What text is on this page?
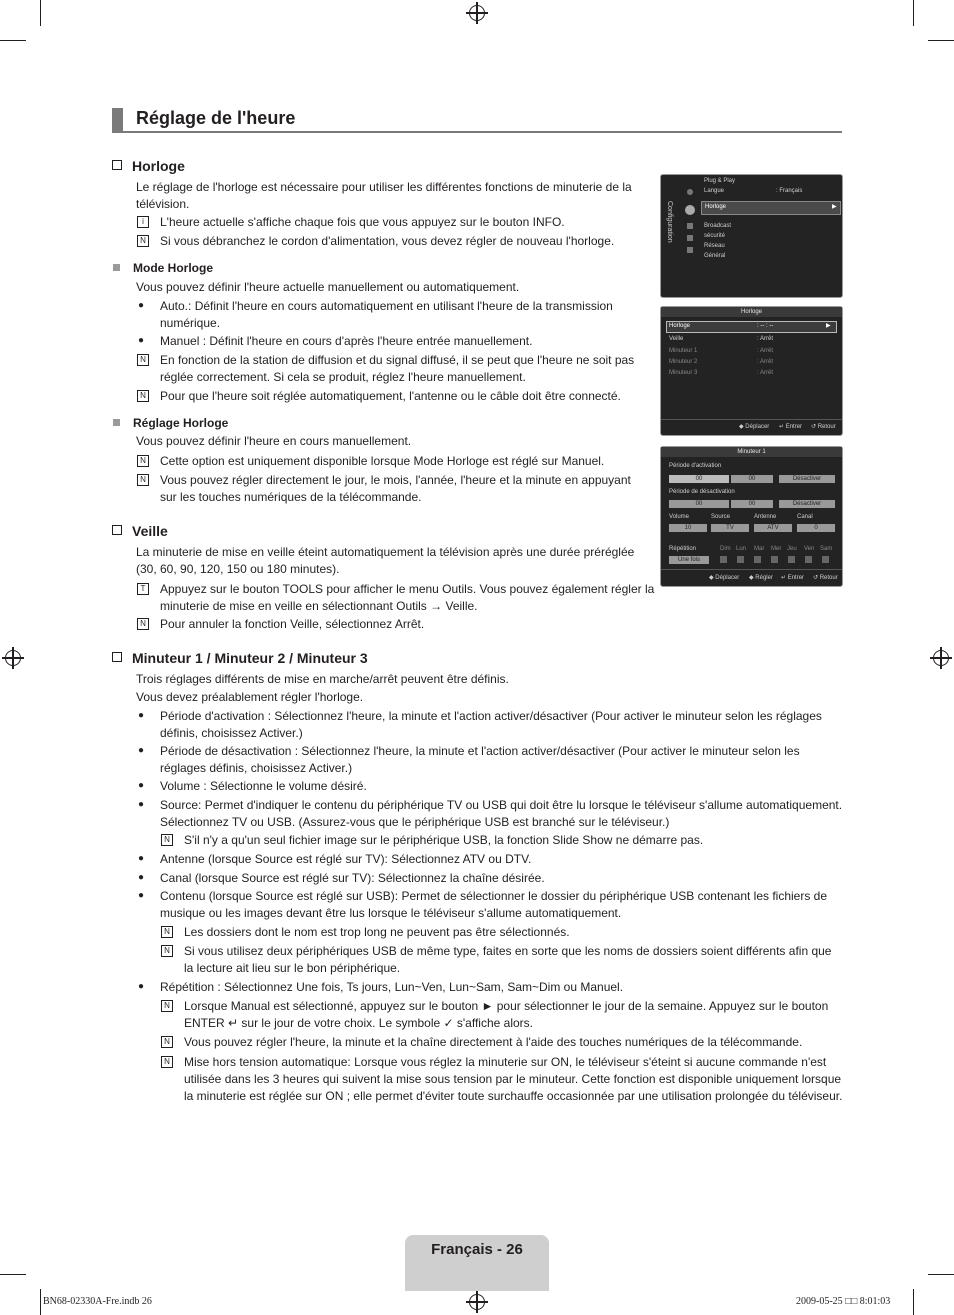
Réglage de l'heure
Horloge
Le réglage de l'horloge est nécessaire pour utiliser les différentes fonctions de minuterie de la télévision.
i	L'heure actuelle s'affiche chaque fois que vous appuyez sur le bouton INFO.
N Si vous débranchez le cordon d'alimentation, vous devez régler de nouveau l'horloge.
Mode Horloge
Vous pouvez définir l'heure actuelle manuellement ou automatiquement.
● Auto.: Définit l'heure en cours automatiquement en utilisant l'heure de la transmission numérique.
● Manuel : Définit l'heure en cours d'après l'heure entrée manuellement.
N En fonction de la station de diffusion et du signal diffusé, il se peut que l'heure ne soit pas réglée correctement. Si cela se produit, réglez l'heure manuellement.
N Pour que l'heure soit réglée automatiquement, l'antenne ou le câble doit être connecté.
Réglage Horloge
Vous pouvez définir l'heure en cours manuellement.
N Cette option est uniquement disponible lorsque Mode Horloge est réglé sur Manuel.
N Vous pouvez régler directement le jour, le mois, l'année, l'heure et la minute en appuyant sur les touches numériques de la télécommande.
Veille
La minuterie de mise en veille éteint automatiquement la télévision après une durée préréglée (30, 60, 90, 120, 150 ou 180 minutes).
T Appuyez sur le bouton TOOLS pour afficher le menu Outils. Vous pouvez également régler la minuterie de mise en veille en sélectionnant Outils → Veille.
N Pour annuler la fonction Veille, sélectionnez Arrêt.
Minuteur 1 / Minuteur 2 / Minuteur 3
Trois réglages différents de mise en marche/arrêt peuvent être définis.
Vous devez préalablement régler l'horloge.
● Période d'activation : Sélectionnez l'heure, la minute et l'action activer/désactiver (Pour activer le minuteur selon les réglages définis, choisissez Activer.)
● Période de désactivation : Sélectionnez l'heure, la minute et l'action activer/désactiver (Pour activer le minuteur selon les réglages définis, choisissez Activer.)
● Volume : Sélectionne le volume désiré.
● Source: Permet d'indiquer le contenu du périphérique TV ou USB qui doit être lu lorsque le téléviseur s'allume automatiquement. Sélectionnez TV ou USB. (Assurez-vous que le périphérique USB est branché sur le téléviseur.)
N S'il n'y a qu'un seul fichier image sur le périphérique USB, la fonction Slide Show ne démarre pas.
● Antenne (lorsque Source est réglé sur TV): Sélectionnez ATV ou DTV.
● Canal (lorsque Source est réglé sur TV): Sélectionnez la chaîne désirée.
● Contenu (lorsque Source est réglé sur USB): Permet de sélectionner le dossier du périphérique USB contenant les fichiers de musique ou les images devant être lus lorsque le téléviseur s'allume automatiquement.
N Les dossiers dont le nom est trop long ne peuvent pas être sélectionnés.
N Si vous utilisez deux périphériques USB de même type, faites en sorte que les noms de dossiers soient différents afin que la lecture ait lieu sur le bon périphérique.
● Répétition : Sélectionnez Une fois, Ts jours, Lun~Ven, Lun~Sam, Sam~Dim ou Manuel.
N Lorsque Manual est sélectionné, appuyez sur le bouton ► pour sélectionner le jour de la semaine. Appuyez sur le bouton ENTER ↵ sur le jour de votre choix. Le symbole ✓ s'affiche alors.
N Vous pouvez régler l'heure, la minute et la chaîne directement à l'aide des touches numériques de la télécommande.
N Mise hors tension automatique: Lorsque vous réglez la minuterie sur ON, le téléviseur s'éteint si aucune commande n'est utilisée dans les 3 heures qui suivent la mise sous tension par le minuteur. Cette fonction est disponible uniquement lorsque la minuterie est réglée sur ON ; elle permet d'éviter toute surchauffe occasionnée par une utilisation prolongée du téléviseur.
Configuration
Plug & Play
Langue	: Français
Horloge	▶
Broadcast
sécurité
Réseau
Général
Horloge
Horloge	: -- : --	▶
Veille	: Arrêt
Minuteur 1	: Arrêt
Minuteur 2	: Arrêt
Minuteur 3	: Arrêt
◆ Déplacer ↵ Entrer ↺ Retour
Minuteur 1
Période d'activation
00	00	Désactiver
Période de désactivation
00	00	Désactiver
Volume	Source	Antenne	Canal
10	TV	ATV	0
Répétition	Dim Lun Mar Mer Jeu Ven Sam
Une fois
◆ Déplacer ◆ Régler ↵ Entrer ↺ Retour
Français - 26
BN68-02330A-Fre.indb 26	2009-05-25 □□ 8:01:03
